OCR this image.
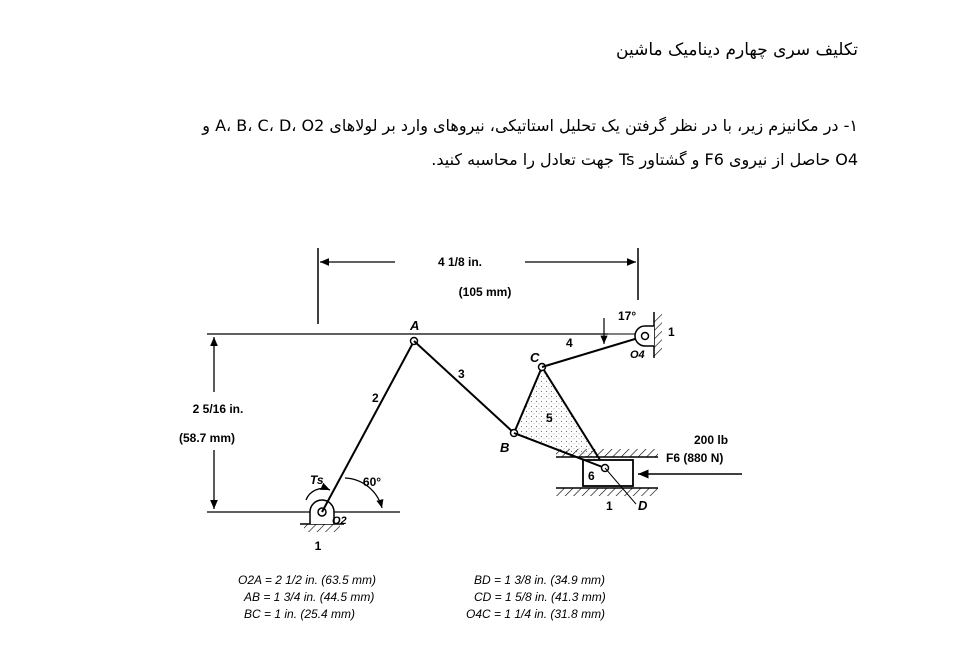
تکلیف سری چهارم دینامیک ماشین
۱- در مکانیزم زیر، با در نظر گرفتن یک تحلیل استاتیکی، نیروهای وارد بر لولاهای A، B، C، D، O2 و
O4 حاصل از نیروی F6 و گشتاور Ts جهت تعادل را محاسبه کنید.
4 1/8 in.
(105 mm)
2 5/16 in.
(58.7 mm)
Ts
O2
1
60°
2
A
3
5
B
C
4
17°
O4
1
6
D
1
200 lb
F6 (880 N)
O2A = 2 1/2 in. (63.5 mm)
AB = 1 3/4 in. (44.5 mm)
BC = 1 in. (25.4 mm)
BD = 1 3/8 in. (34.9 mm)
CD = 1 5/8 in. (41.3 mm)
O4C = 1 1/4 in. (31.8 mm)
